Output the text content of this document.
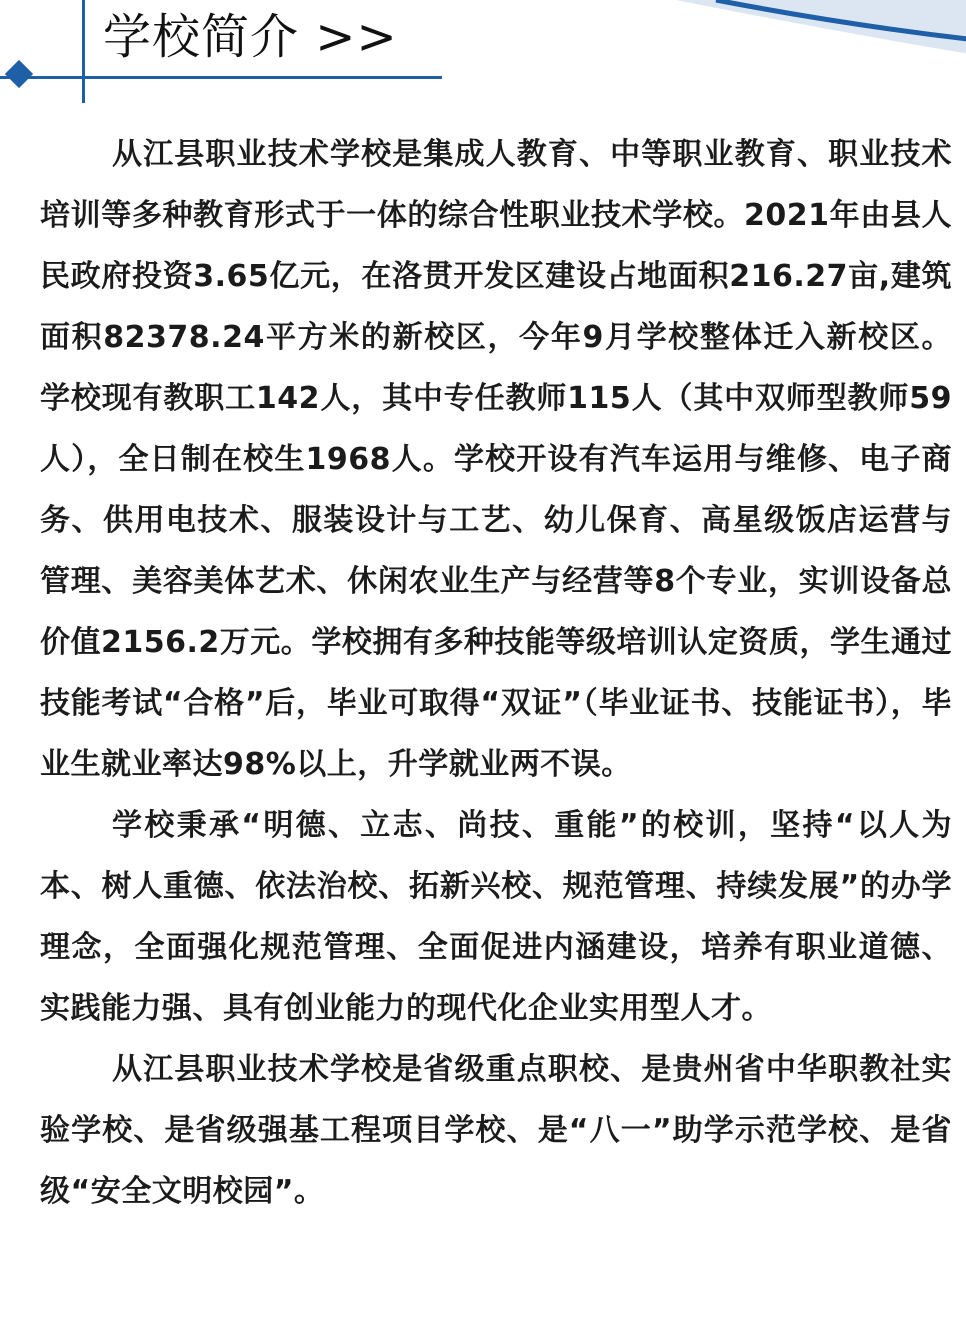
学校简介 >>

从江县职业技术学校是集成人教育、中等职业教育、职业技术培训等多种教育形式于一体的综合性职业技术学校。2021年由县人民政府投资3.65亿元，在洛贯开发区建设占地面积216.27亩,建筑面积82378.24平方米的新校区，今年9月学校整体迁入新校区。学校现有教职工142人，其中专任教师115人（其中双师型教师59人），全日制在校生1968人。学校开设有汽车运用与维修、电子商务、供用电技术、服装设计与工艺、幼儿保育、高星级饭店运营与管理、美容美体艺术、休闲农业生产与经营等8个专业，实训设备总价值2156.2万元。学校拥有多种技能等级培训认定资质，学生通过技能考试“合格”后，毕业可取得“双证”（毕业证书、技能证书），毕业生就业率达98%以上，升学就业两不误。

学校秉承“明德、立志、尚技、重能”的校训，坚持“以人为本、树人重德、依法治校、拓新兴校、规范管理、持续发展”的办学理念，全面强化规范管理、全面促进内涵建设，培养有职业道德、实践能力强、具有创业能力的现代化企业实用型人才。

从江县职业技术学校是省级重点职校、是贵州省中华职教社实验学校、是省级强基工程项目学校、是“八一”助学示范学校、是省级“安全文明校园”。
